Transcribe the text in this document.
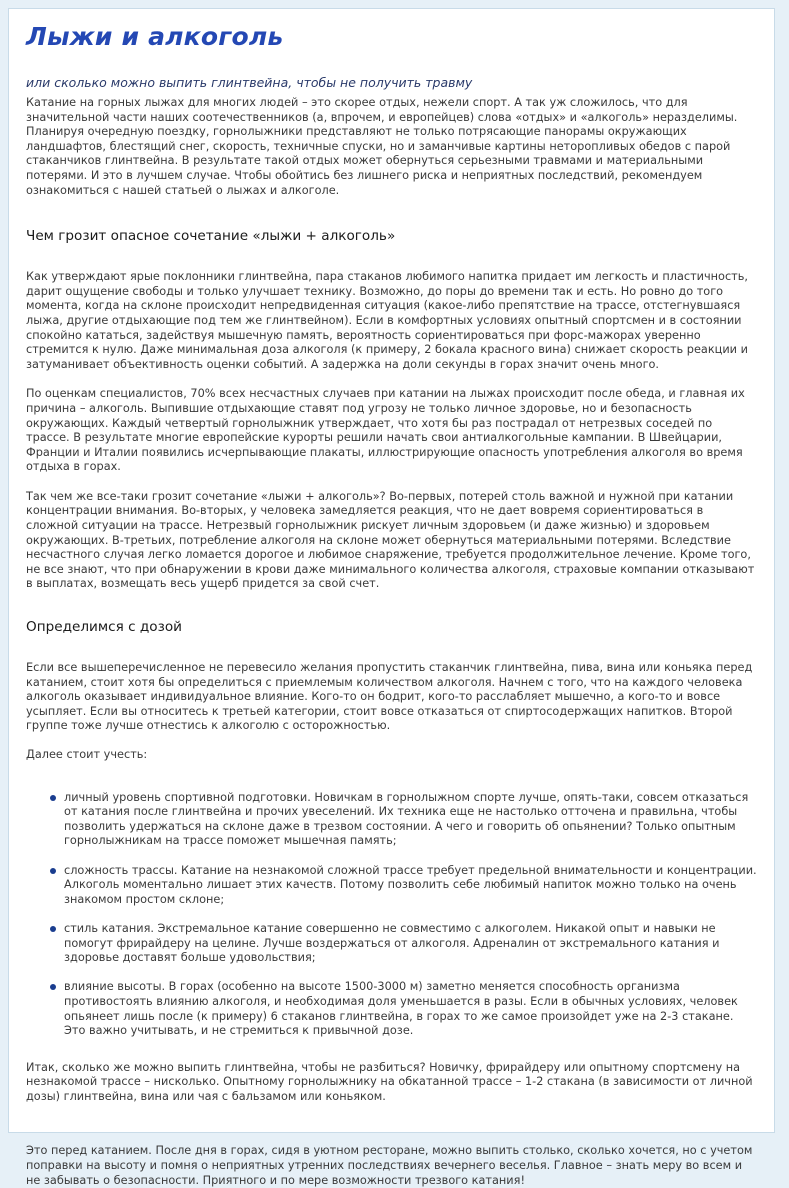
Лыжи и алкоголь
или сколько можно выпить глинтвейна, чтобы не получить травму

Катание на горных лыжах для многих людей – это скорее отдых, нежели спорт. А так уж сложилось, что для значительной части наших соотечественников (а, впрочем, и европейцев) слова «отдых» и «алкоголь» неразделимы. Планируя очередную поездку, горнолыжники представляют не только потрясающие панорамы окружающих ландшафтов, блестящий снег, скорость, техничные спуски, но и заманчивые картины неторопливых обедов с парой стаканчиков глинтвейна. В результате такой отдых может обернуться серьезными травмами и материальными потерями. И это в лучшем случае. Чтобы обойтись без лишнего риска и неприятных последствий, рекомендуем ознакомиться с нашей статьей о лыжах и алкоголе.

Чем грозит опасное сочетание «лыжи + алкоголь»

Как утверждают ярые поклонники глинтвейна, пара стаканов любимого напитка придает им легкость и пластичность, дарит ощущение свободы и только улучшает технику. Возможно, до поры до времени так и есть. Но ровно до того момента, когда на склоне происходит непредвиденная ситуация (какое-либо препятствие на трассе, отстегнувшаяся лыжа, другие отдыхающие под тем же глинтвейном). Если в комфортных условиях опытный спортсмен и в состоянии спокойно кататься, задействуя мышечную память, вероятность сориентироваться при форс-мажорах уверенно стремится к нулю. Даже минимальная доза алкоголя (к примеру, 2 бокала красного вина) снижает скорость реакции и затуманивает объективность оценки событий. А задержка на доли секунды в горах значит очень много.

По оценкам специалистов, 70% всех несчастных случаев при катании на лыжах происходит после обеда, и главная их причина – алкоголь. Выпившие отдыхающие ставят под угрозу не только личное здоровье, но и безопасность окружающих. Каждый четвертый горнолыжник утверждает, что хотя бы раз пострадал от нетрезвых соседей по трассе. В результате многие европейские курорты решили начать свои антиалкогольные кампании. В Швейцарии, Франции и Италии появились исчерпывающие плакаты, иллюстрирующие опасность употребления алкоголя во время отдыха в горах.

Так чем же все-таки грозит сочетание «лыжи + алкоголь»? Во-первых, потерей столь важной и нужной при катании концентрации внимания. Во-вторых, у человека замедляется реакция, что не дает вовремя сориентироваться в сложной ситуации на трассе. Нетрезвый горнолыжник рискует личным здоровьем (и даже жизнью) и здоровьем окружающих. В-третьих, потребление алкоголя на склоне может обернуться материальными потерями. Вследствие несчастного случая легко ломается дорогое и любимое снаряжение, требуется продолжительное лечение. Кроме того, не все знают, что при обнаружении в крови даже минимального количества алкоголя, страховые компании отказывают в выплатах, возмещать весь ущерб придется за свой счет.

Определимся с дозой

Если все вышеперечисленное не перевесило желания пропустить стаканчик глинтвейна, пива, вина или коньяка перед катанием, стоит хотя бы определиться с приемлемым количеством алкоголя. Начнем с того, что на каждого человека алкоголь оказывает индивидуальное влияние. Кого-то он бодрит, кого-то расслабляет мышечно, а кого-то и вовсе усыпляет. Если вы относитесь к третьей категории, стоит вовсе отказаться от спиртосодержащих напитков. Второй группе тоже лучше отнестись к алкоголю с осторожностью.

Далее стоит учесть:

личный уровень спортивной подготовки. Новичкам в горнолыжном спорте лучше, опять-таки, совсем отказаться от катания после глинтвейна и прочих увеселений. Их техника еще не настолько отточена и правильна, чтобы позволить удержаться на склоне даже в трезвом состоянии. А чего и говорить об опьянении? Только опытным горнолыжникам на трассе поможет мышечная память;
сложность трассы. Катание на незнакомой сложной трассе требует предельной внимательности и концентрации. Алкоголь моментально лишает этих качеств. Потому позволить себе любимый напиток можно только на очень знакомом простом склоне;
стиль катания. Экстремальное катание совершенно не совместимо с алкоголем. Никакой опыт и навыки не помогут фрирайдеру на целине. Лучше воздержаться от алкоголя. Адреналин от экстремального катания и здоровье доставят больше удовольствия;
влияние высоты. В горах (особенно на высоте 1500-3000 м) заметно меняется способность организма противостоять влиянию алкоголя, и необходимая доля уменьшается в разы. Если в обычных условиях, человек опьянеет лишь после (к примеру) 6 стаканов глинтвейна, в горах то же самое произойдет уже на 2-3 стакане. Это важно учитывать, и не стремиться к привычной дозе.

Итак, сколько же можно выпить глинтвейна, чтобы не разбиться? Новичку, фрирайдеру или опытному спортсмену на незнакомой трассе – нисколько. Опытному горнолыжнику на обкатанной трассе – 1-2 стакана (в зависимости от личной дозы) глинтвейна, вина или чая с бальзамом или коньяком.

Это перед катанием. После дня в горах, сидя в уютном ресторане, можно выпить столько, сколько хочется, но с учетом поправки на высоту и помня о неприятных утренних последствиях вечернего веселья. Главное – знать меру во всем и не забывать о безопасности. Приятного и по мере возможности трезвого катания!
